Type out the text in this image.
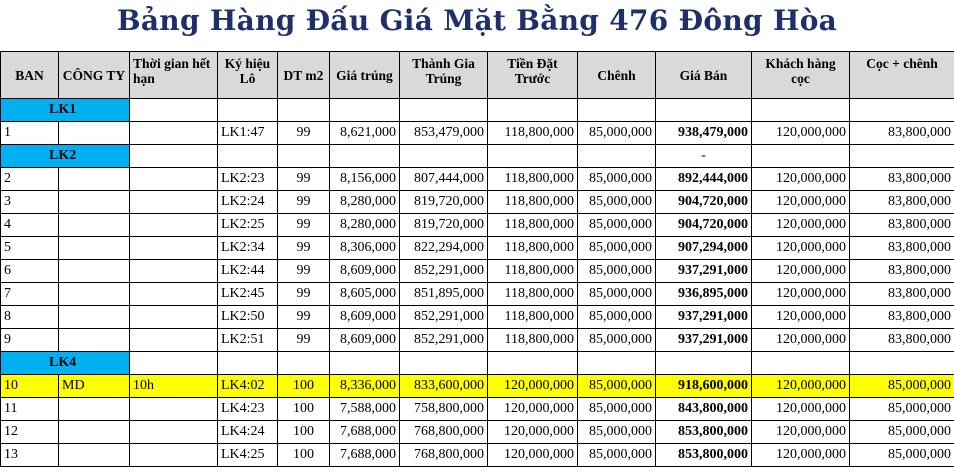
Bảng Hàng Đấu Giá Mặt Bằng 476 Đông Hòa
BAN	CÔNG TY	Thời gian hết hạn	Ký hiệu Lô	DT m2	Giá trúng	Thành Gia Trúng	Tiền Đặt Trước	Chênh	Giá Bán	Khách hàng cọc	Cọc + chênh
LK1											
1			LK1:47	99	8,621,000	853,479,000	118,800,000	85,000,000	938,479,000	120,000,000	83,800,000
LK2									-		
2			LK2:23	99	8,156,000	807,444,000	118,800,000	85,000,000	892,444,000	120,000,000	83,800,000
3			LK2:24	99	8,280,000	819,720,000	118,800,000	85,000,000	904,720,000	120,000,000	83,800,000
4			LK2:25	99	8,280,000	819,720,000	118,800,000	85,000,000	904,720,000	120,000,000	83,800,000
5			LK2:34	99	8,306,000	822,294,000	118,800,000	85,000,000	907,294,000	120,000,000	83,800,000
6			LK2:44	99	8,609,000	852,291,000	118,800,000	85,000,000	937,291,000	120,000,000	83,800,000
7			LK2:45	99	8,605,000	851,895,000	118,800,000	85,000,000	936,895,000	120,000,000	83,800,000
8			LK2:50	99	8,609,000	852,291,000	118,800,000	85,000,000	937,291,000	120,000,000	83,800,000
9			LK2:51	99	8,609,000	852,291,000	118,800,000	85,000,000	937,291,000	120,000,000	83,800,000
LK4											
10	MD	10h	LK4:02	100	8,336,000	833,600,000	120,000,000	85,000,000	918,600,000	120,000,000	85,000,000
11			LK4:23	100	7,588,000	758,800,000	120,000,000	85,000,000	843,800,000	120,000,000	85,000,000
12			LK4:24	100	7,688,000	768,800,000	120,000,000	85,000,000	853,800,000	120,000,000	85,000,000
13			LK4:25	100	7,688,000	768,800,000	120,000,000	85,000,000	853,800,000	120,000,000	85,000,000
